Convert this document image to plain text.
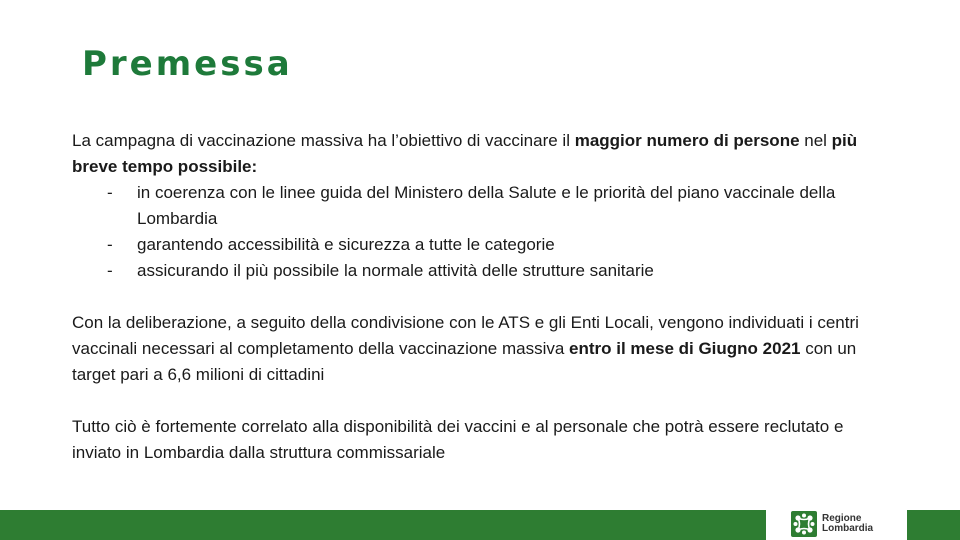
Premessa

La campagna di vaccinazione massiva ha l’obiettivo di vaccinare il maggior numero di persone nel più breve tempo possibile:

- in coerenza con le linee guida del Ministero della Salute e le priorità del piano vaccinale della Lombardia
- garantendo accessibilità e sicurezza a tutte le categorie
- assicurando il più possibile la normale attività delle strutture sanitarie

Con la deliberazione, a seguito della condivisione con le ATS e gli Enti Locali, vengono individuati i centri vaccinali necessari al completamento della vaccinazione massiva entro il mese di Giugno 2021 con un target pari a 6,6 milioni di cittadini

Tutto ciò è fortemente correlato alla disponibilità dei vaccini e al personale che potrà essere reclutato e inviato in Lombardia dalla struttura commissariale

Regione
Lombardia
